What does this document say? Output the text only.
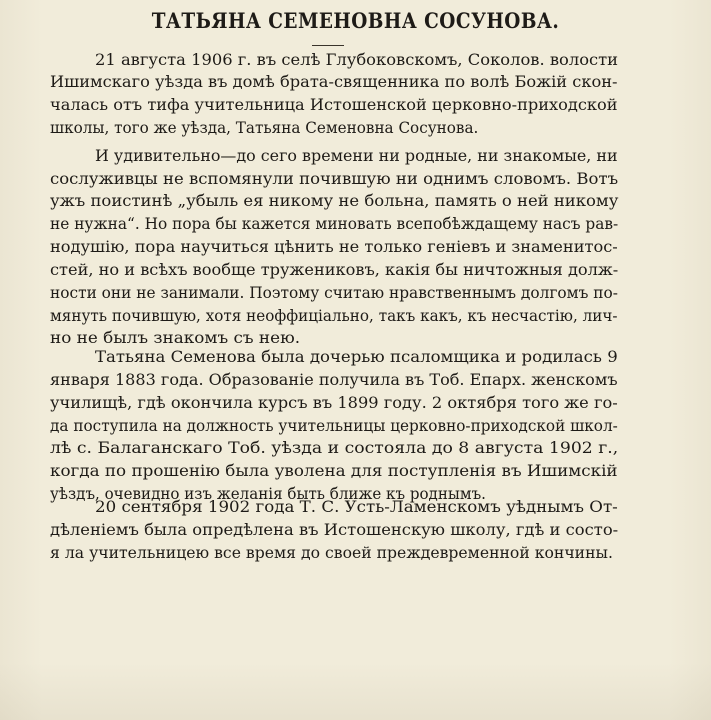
ТАТЬЯНА СЕМЕНОВНА СОСУНОВА.
21 августа 1906 г. въ селѣ Глубоковскомъ, Соколов. волости
Ишимскаго уѣзда въ домѣ брата-священника по волѣ Божій скон-
чалась отъ тифа учительница Истошенской церковно-приходской
школы, того же уѣзда, Татьяна Семеновна Сосунова.
И удивительно—до сего времени ни родные, ни знакомые, ни
сослуживцы не вспомянули почившую ни однимъ словомъ. Вотъ
ужъ поистинѣ „убыль ея никому не больна, память о ней никому
не нужна“. Но пора бы кажется миновать всепобѣждащему насъ рав-
нодушію, пора научиться цѣнить не только геніевъ и знаменитос-
стей, но и всѣхъ вообще тружениковъ, какія бы ничтожныя долж-
ности они не занимали. Поэтому считаю нравственнымъ долгомъ по-
мянуть почившую, хотя неоффиціально, такъ какъ, къ несчастію, лич-
но не былъ знакомъ съ нею.
Татьяна Семенова была дочерью псаломщика и родилась 9
января 1883 года. Образованіе получила въ Тоб. Епарх. женскомъ
училищѣ, гдѣ окончила курсъ въ 1899 году. 2 октября того же го-
да поступила на должность учительницы церковно-приходской школ-
лѣ с. Балаганскаго Тоб. уѣзда и состояла до 8 августа 1902 г.,
когда по прошенію была уволена для поступленія въ Ишимскій
уѣздъ, очевидно изъ желанія быть ближе къ роднымъ.
20 сентября 1902 года Т. С. Усть-Ламенскомъ уѣднымъ От-
дѣленіемъ была опредѣлена въ Истошенскую школу, гдѣ и состо-
я ла учительницею все время до своей преждевременной кончины.
